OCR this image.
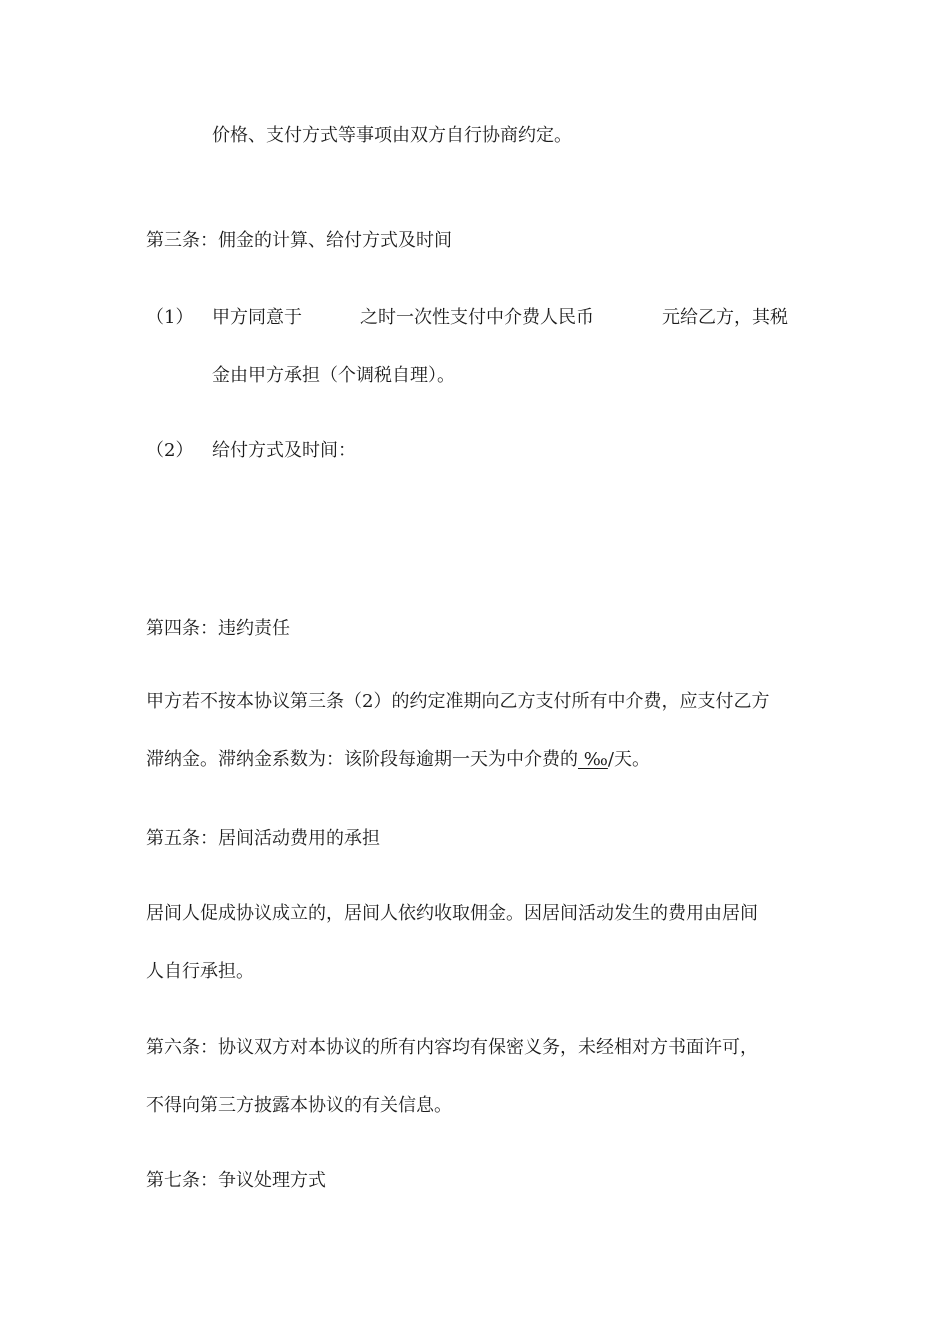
价格、支付方式等事项由双方自行协商约定。
第三条：佣金的计算、给付方式及时间
（1） 甲方同意于	之时一次性支付中介费人民币	元给乙方，其税
金由甲方承担（个调税自理）。
（2） 给付方式及时间：
第四条：违约责任
甲方若不按本协议第三条（2）的约定准期向乙方支付所有中介费，应支付乙方
滞纳金。滞纳金系数为：该阶段每逾期一天为中介费的 ‰/天。
第五条：居间活动费用的承担
居间人促成协议成立的，居间人依约收取佣金。因居间活动发生的费用由居间
人自行承担。
第六条：协议双方对本协议的所有内容均有保密义务，未经相对方书面许可，
不得向第三方披露本协议的有关信息。
第七条：争议处理方式
